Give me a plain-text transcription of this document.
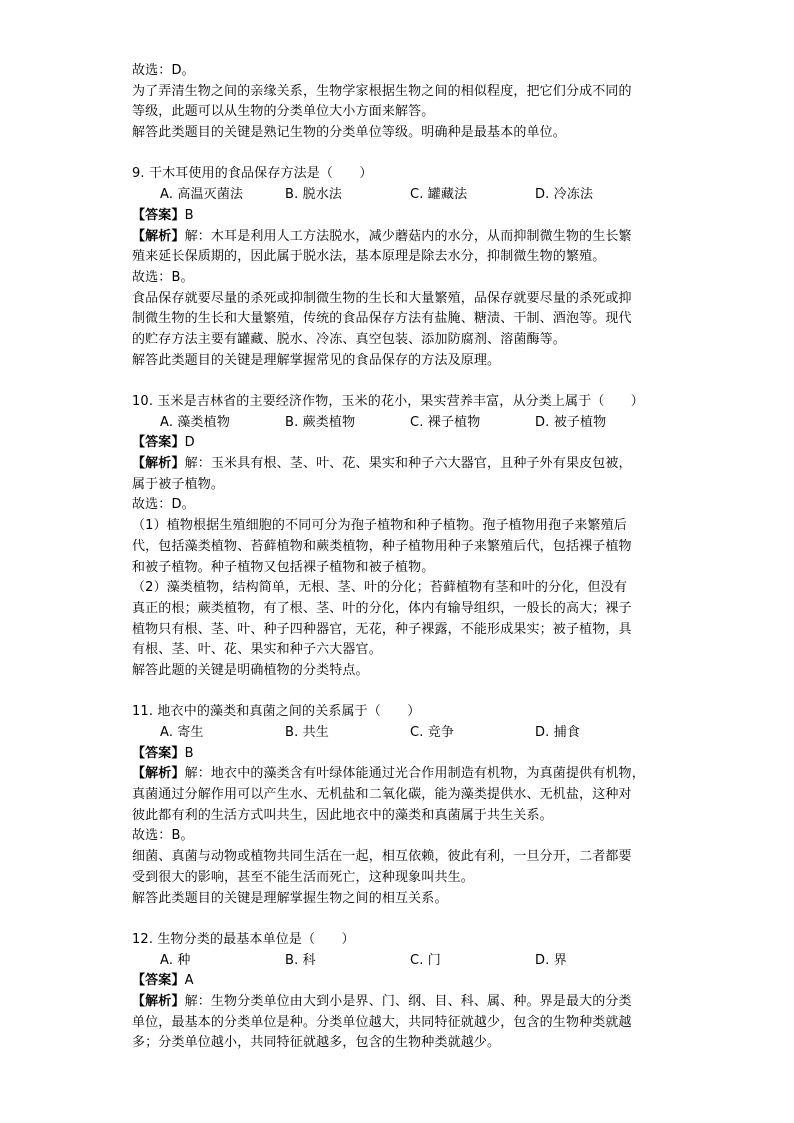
故选：D。
为了弄清生物之间的亲缘关系，生物学家根据生物之间的相似程度，把它们分成不同的
等级，此题可以从生物的分类单位大小方面来解答。
解答此类题目的关键是熟记生物的分类单位等级。明确种是最基本的单位。
9. 干木耳使用的食品保存方法是（　　）
A. 高温灭菌法	B. 脱水法	C. 罐藏法	D. 冷冻法
【答案】B
【解析】解：木耳是利用人工方法脱水，减少蘑菇内的水分，从而抑制微生物的生长繁
殖来延长保质期的，因此属于脱水法，基本原理是除去水分，抑制微生物的繁殖。
故选：B。
食品保存就要尽量的杀死或抑制微生物的生长和大量繁殖，品保存就要尽量的杀死或抑
制微生物的生长和大量繁殖，传统的食品保存方法有盐腌、糖渍、干制、酒泡等。现代
的贮存方法主要有罐藏、脱水、冷冻、真空包装、添加防腐剂、溶菌酶等。
解答此类题目的关键是理解掌握常见的食品保存的方法及原理。
10. 玉米是吉林省的主要经济作物，玉米的花小，果实营养丰富，从分类上属于（　　）
A. 藻类植物	B. 蕨类植物	C. 裸子植物	D. 被子植物
【答案】D
【解析】解：玉米具有根、茎、叶、花、果实和种子六大器官，且种子外有果皮包被，
属于被子植物。
故选：D。
（1）植物根据生殖细胞的不同可分为孢子植物和种子植物。孢子植物用孢子来繁殖后
代，包括藻类植物、苔藓植物和蕨类植物，种子植物用种子来繁殖后代，包括裸子植物
和被子植物。种子植物又包括裸子植物和被子植物。
（2）藻类植物，结构简单，无根、茎、叶的分化；苔藓植物有茎和叶的分化，但没有
真正的根；蕨类植物，有了根、茎、叶的分化，体内有输导组织，一般长的高大；裸子
植物只有根、茎、叶、种子四种器官，无花，种子裸露，不能形成果实；被子植物，具
有根、茎、叶、花、果实和种子六大器官。
解答此题的关键是明确植物的分类特点。
11. 地衣中的藻类和真菌之间的关系属于（　　）
A. 寄生	B. 共生	C. 竞争	D. 捕食
【答案】B
【解析】解：地衣中的藻类含有叶绿体能通过光合作用制造有机物，为真菌提供有机物，
真菌通过分解作用可以产生水、无机盐和二氧化碳，能为藻类提供水、无机盐，这种对
彼此都有利的生活方式叫共生，因此地衣中的藻类和真菌属于共生关系。
故选：B。
细菌、真菌与动物或植物共同生活在一起，相互依赖，彼此有利，一旦分开，二者都要
受到很大的影响，甚至不能生活而死亡，这种现象叫共生。
解答此类题目的关键是理解掌握生物之间的相互关系。
12. 生物分类的最基本单位是（　　）
A. 种	B. 科	C. 门	D. 界
【答案】A
【解析】解：生物分类单位由大到小是界、门、纲、目、科、属、种。界是最大的分类
单位，最基本的分类单位是种。分类单位越大，共同特征就越少，包含的生物种类就越
多；分类单位越小，共同特征就越多，包含的生物种类就越少。
